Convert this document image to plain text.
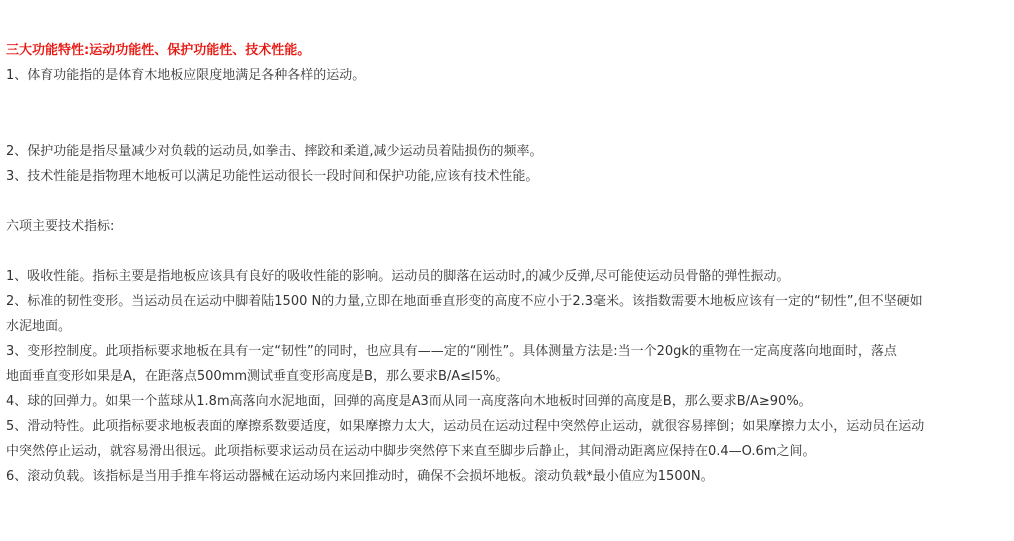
三大功能特性:运动功能性、保护功能性、技术性能。
1、体育功能指的是体育木地板应限度地满足各种各样的运动。
2、保护功能是指尽量减少对负载的运动员,如拳击、摔跤和柔道,减少运动员着陆损伤的频率。
3、技术性能是指物理木地板可以满足功能性运动很长一段时间和保护功能,应该有技术性能。
六项主要技术指标:
1、吸收性能。指标主要是指地板应该具有良好的吸收性能的影响。运动员的脚落在运动时,的减少反弹,尽可能使运动员骨骼的弹性振动。
2、标准的韧性变形。当运动员在运动中脚着陆1500 N的力量,立即在地面垂直形变的高度不应小于2.3毫米。该指数需要木地板应该有一定的“韧性”,但不坚硬如
水泥地面。
3、变形控制度。此项指标要求地板在具有一定“韧性”的同时，也应具有——定的“刚性”。具体测量方法是:当一个20gk的重物在一定高度落向地面时，落点
地面垂直变形如果是A，在距落点500mm测试垂直变形高度是B，那么要求B/A≤I5%。
4、球的回弹力。如果一个蓝球从1.8m高落向水泥地面，回弹的高度是A3而从同一高度落向木地板时回弹的高度是B，那么要求B/A≥90%。
5、滑动特性。此项指标要求地板表面的摩擦系数要适度，如果摩擦力太大，运动员在运动过程中突然停止运动，就很容易摔倒；如果摩擦力太小，运动员在运动
中突然停止运动，就容易滑出很远。此项指标要求运动员在运动中脚步突然停下来直至脚步后静止，其间滑动距离应保持在0.4—O.6m之间。
6、滚动负载。该指标是当用手推车将运动器械在运动场内来回推动时，确保不会损坏地板。滚动负载*最小值应为1500N。
